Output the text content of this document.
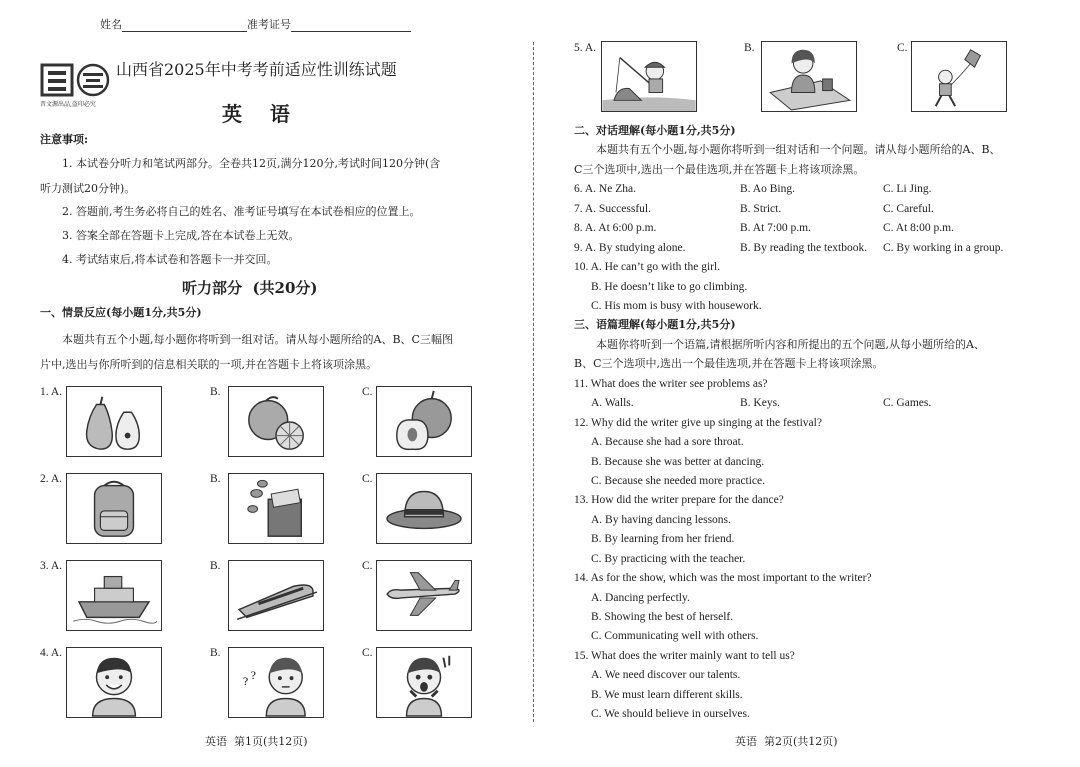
姓名	准考证号
晋文源出品,盗印必究
山西省2025年中考考前适应性训练试题
英    语
注意事项:
1. 本试卷分听力和笔试两部分。全卷共12页,满分120分,考试时间120分钟(含
听力测试20分钟)。
2. 答题前,考生务必将自己的姓名、准考证号填写在本试卷相应的位置上。
3. 答案全部在答题卡上完成,答在本试卷上无效。
4. 考试结束后,将本试卷和答题卡一并交回。
听力部分  (共20分)
一、情景反应(每小题1分,共5分)
本题共有五个小题,每小题你将听到一组对话。请从每小题所给的A、B、C三幅图
片中,选出与你所听到的信息相关联的一项,并在答题卡上将该项涂黑。
1. A.	B.	C.
2. A.	B.	C.
3. A.	B.	C.
4. A.	B.	C.
? ?
英语  第1页(共12页)
5. A.	B.	C.
二、对话理解(每小题1分,共5分)
本题共有五个小题,每小题你将听到一组对话和一个问题。请从每小题所给的A、B、
C三个选项中,选出一个最佳选项,并在答题卡上将该项涂黑。
6. A. Ne Zha.	B. Ao Bing.	C. Li Jing.
7. A. Successful.	B. Strict.	C. Careful.
8. A. At 6:00 p.m.	B. At 7:00 p.m.	C. At 8:00 p.m.
9. A. By studying alone.	B. By reading the textbook. C. By working in a group.
10. A. He can’t go with the girl.
B. He doesn’t like to go climbing.
C. His mom is busy with housework.
三、语篇理解(每小题1分,共5分)
本题你将听到一个语篇,请根据所听内容和所提出的五个问题,从每小题所给的A、
B、C三个选项中,选出一个最佳选项,并在答题卡上将该项涂黑。
11. What does the writer see problems as?
A. Walls.	B. Keys.	C. Games.
12. Why did the writer give up singing at the festival?
A. Because she had a sore throat.
B. Because she was better at dancing.
C. Because she needed more practice.
13. How did the writer prepare for the dance?
A. By having dancing lessons.
B. By learning from her friend.
C. By practicing with the teacher.
14. As for the show, which was the most important to the writer?
A. Dancing perfectly.
B. Showing the best of herself.
C. Communicating well with others.
15. What does the writer mainly want to tell us?
A. We need discover our talents.
B. We must learn different skills.
C. We should believe in ourselves.
英语  第2页(共12页)
